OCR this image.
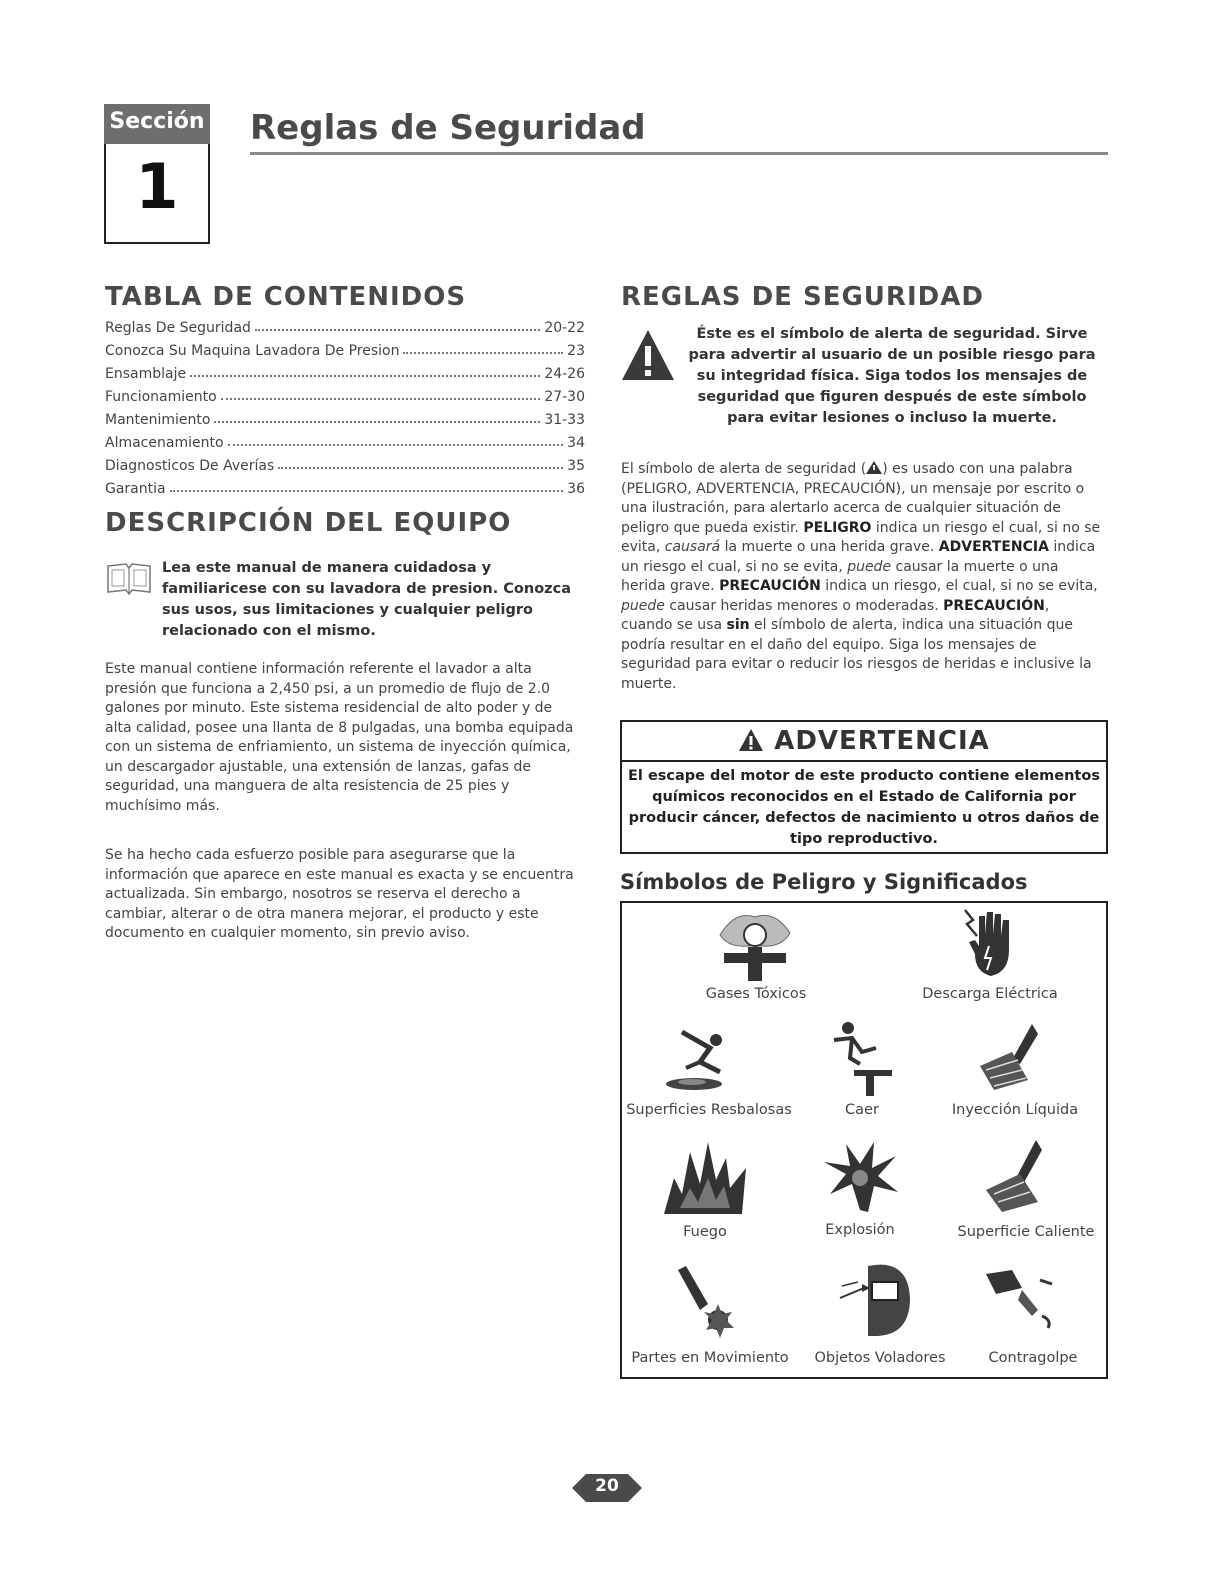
Sección
1
Reglas de Seguridad
TABLA DE CONTENIDOS
Reglas De Seguridad	20-22
Conozca Su Maquina Lavadora De Presion	23
Ensamblaje	24-26
Funcionamiento	27-30
Mantenimiento	31-33
Almacenamiento	34
Diagnosticos De Averías	35
Garantia	36
DESCRIPCIÓN DEL EQUIPO
Lea este manual de manera cuidadosa y familiaricese con su lavadora de presion. Conozca sus usos, sus limitaciones y cualquier peligro relacionado con el mismo.
Este manual contiene información referente el lavador a alta presión que funciona a 2,450 psi, a un promedio de flujo de 2.0 galones por minuto. Este sistema residencial de alto poder y de alta calidad, posee una llanta de 8 pulgadas, una bomba equipada con un sistema de enfriamiento, un sistema de inyección química, un descargador ajustable, una extensión de lanzas, gafas de seguridad, una manguera de alta resistencia de 25 pies y muchísimo más.
Se ha hecho cada esfuerzo posible para asegurarse que la información que aparece en este manual es exacta y se encuentra actualizada. Sin embargo, nosotros se reserva el derecho a cambiar, alterar o de otra manera mejorar, el producto y este documento en cualquier momento, sin previo aviso.
REGLAS DE SEGURIDAD
Éste es el símbolo de alerta de seguridad. Sirve para advertir al usuario de un posible riesgo para su integridad física. Siga todos los mensajes de seguridad que figuren después de este símbolo para evitar lesiones o incluso la muerte.
El símbolo de alerta de seguridad ( ) es usado con una palabra (PELIGRO, ADVERTENCIA, PRECAUCIÓN), un mensaje por escrito o una ilustración, para alertarlo acerca de cualquier situación de peligro que pueda existir. PELIGRO indica un riesgo el cual, si no se evita, causará la muerte o una herida grave. ADVERTENCIA indica un riesgo el cual, si no se evita, puede causar la muerte o una herida grave. PRECAUCIÓN indica un riesgo, el cual, si no se evita, puede causar heridas menores o moderadas. PRECAUCIÓN, cuando se usa sin el símbolo de alerta, indica una situación que podría resultar en el daño del equipo. Siga los mensajes de seguridad para evitar o reducir los riesgos de heridas e inclusive la muerte.
ADVERTENCIA
El escape del motor de este producto contiene elementos químicos reconocidos en el Estado de California por producir cáncer, defectos de nacimiento u otros daños de tipo reproductivo.
Símbolos de Peligro y Significados
Gases Tóxicos	Descarga Eléctrica
Superficies Resbalosas	Caer	Inyección Líquida
Fuego	Explosión	Superficie Caliente
Partes en Movimiento Objetos Voladores	Contragolpe
20
